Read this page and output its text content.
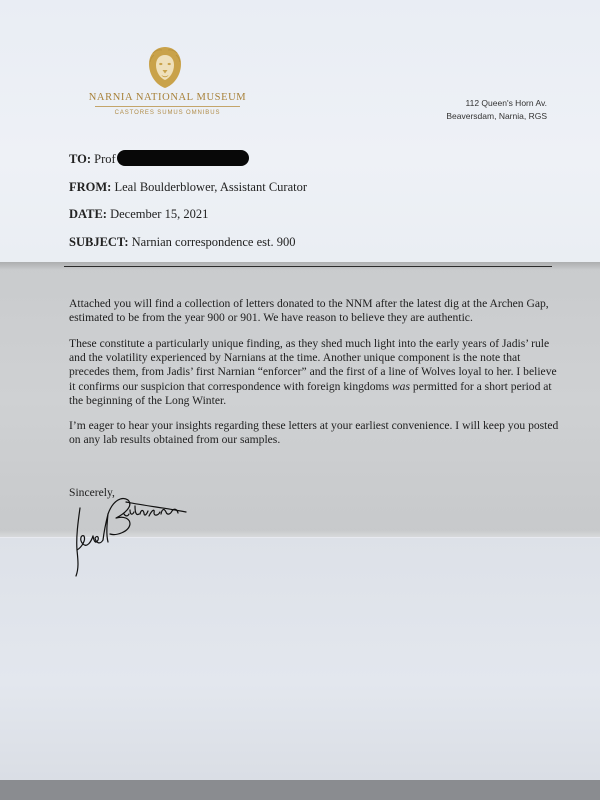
NARNIA NATIONAL MUSEUM
CASTORES SUMUS OMNIBUS
112 Queen's Horn Av.
Beaversdam, Narnia, RGS
TO: Prof
FROM: Leal Boulderblower, Assistant Curator
DATE: December 15, 2021
SUBJECT: Narnian correspondence est. 900

Attached you will find a collection of letters donated to the NNM after the latest dig at the Archen Gap, estimated to be from the year 900 or 901. We have reason to believe they are authentic.

These constitute a particularly unique finding, as they shed much light into the early years of Jadis’ rule and the volatility experienced by Narnians at the time. Another unique component is the note that precedes them, from Jadis’ first Narnian “enforcer” and the first of a line of Wolves loyal to her. I believe it confirms our suspicion that correspondence with foreign kingdoms was permitted for a short period at the beginning of the Long Winter.

I’m eager to hear your insights regarding these letters at your earliest convenience. I will keep you posted on any lab results obtained from our samples.

Sincerely,
